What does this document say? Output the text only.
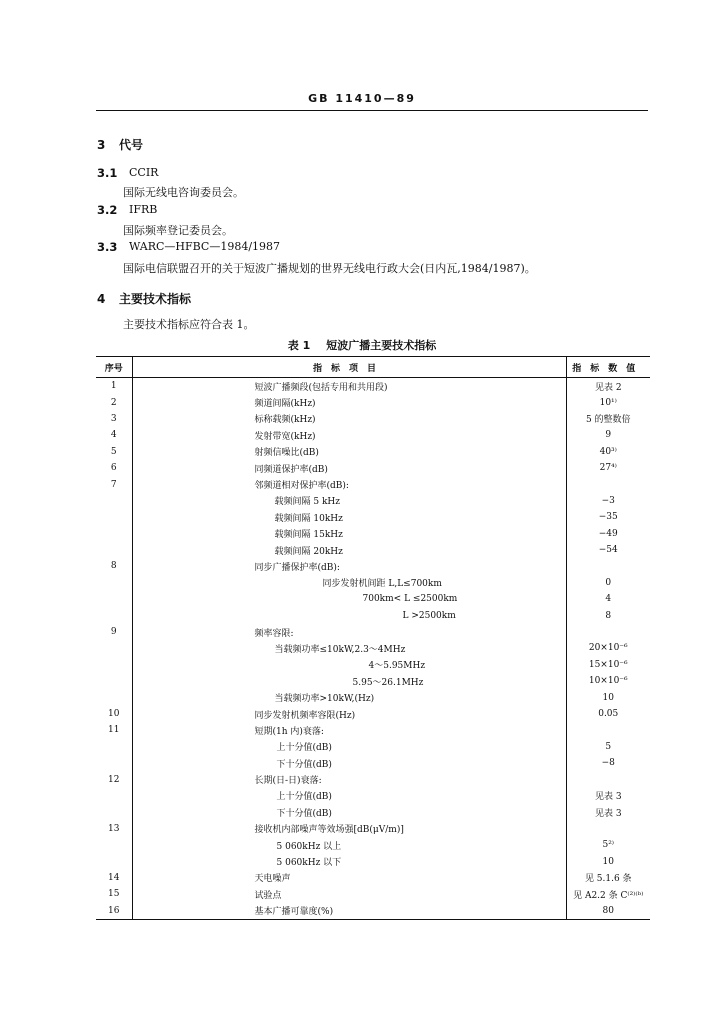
GB 11410—89
3 代号
3.1 CCIR
国际无线电咨询委员会。
3.2 IFRB
国际频率登记委员会。
3.3 WARC—HFBC—1984/1987
国际电信联盟召开的关于短波广播规划的世界无线电行政大会(日内瓦,1984/1987)。
4 主要技术指标
主要技术指标应符合表 1。
表 1 短波广播主要技术指标
序号	指标项目	指标数值
1	短波广播频段(包括专用和共用段)	见表 2
2	频道间隔(kHz)	10¹⁾
3	标称载频(kHz)	5 的整数倍
4	发射带宽(kHz)	9
5	射频信噪比(dB)	40³⁾
6	同频道保护率(dB)	27⁴⁾
7	邻频道相对保护率(dB):	
	载频间隔 5 kHz	−3
	载频间隔 10kHz	−35
	载频间隔 15kHz	−49
	载频间隔 20kHz	−54
8	同步广播保护率(dB):	
	同步发射机间距 L,L≤700km	0
	700km< L ≤2500km	4
	L >2500km	8
9	频率容限:	
	当载频功率≤10kW,2.3～4MHz	20×10⁻⁶
	4～5.95MHz	15×10⁻⁶
	5.95～26.1MHz	10×10⁻⁶
	当载频功率>10kW,(Hz)	10
10	同步发射机频率容限(Hz)	0.05
11	短期(1h 内)衰落:	
	上十分值(dB)	5
	下十分值(dB)	−8
12	长期(日-日)衰落:	
	上十分值(dB)	见表 3
	下十分值(dB)	见表 3
13	接收机内部噪声等效场强[dB(μV/m)]	
	5 060kHz 以上	5²⁾
	5 060kHz 以下	10
14	天电噪声	见 5.1.6 条
15	试验点	见 A2.2 条 C⁽²⁾⁽ᵇ⁾
16	基本广播可靠度(%)	80
